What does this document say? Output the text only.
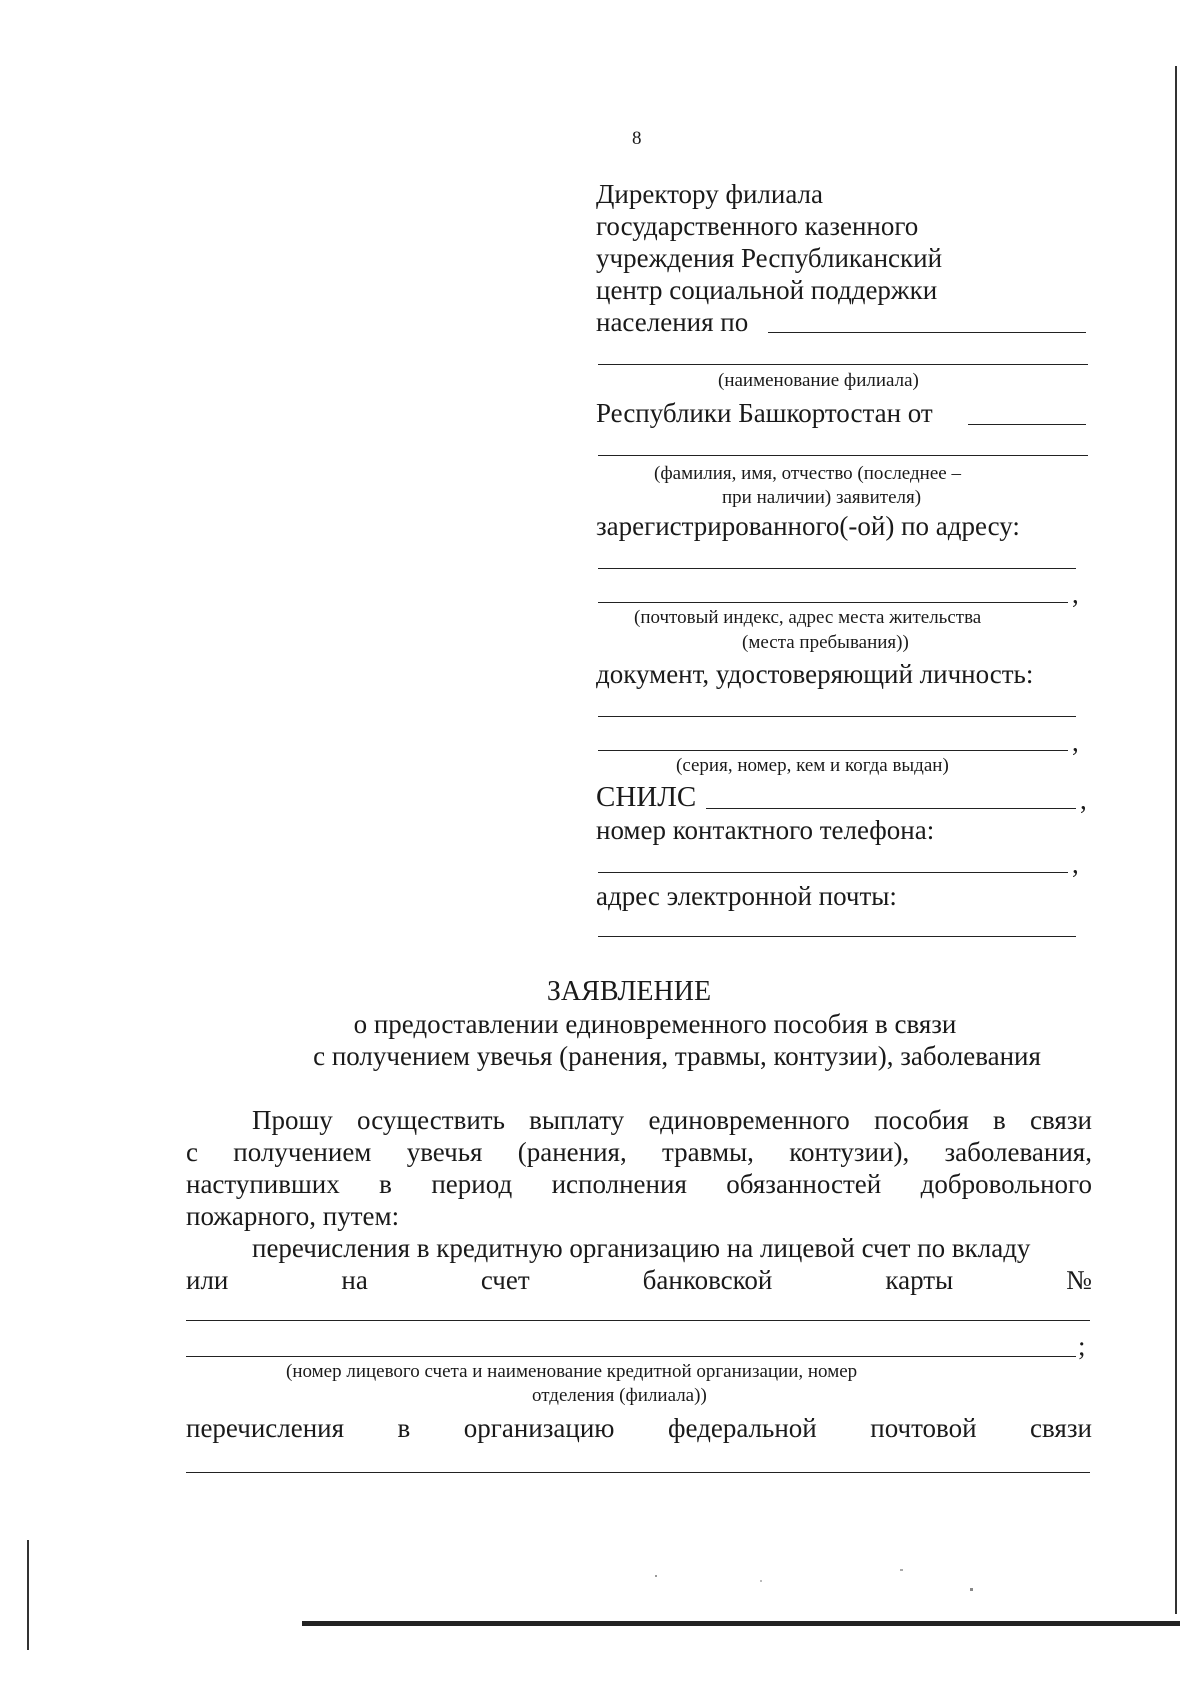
8
Директору филиала
государственного казенного
учреждения Республиканский
центр социальной поддержки
населения по
(наименование филиала)
Республики Башкортостан от
(фамилия, имя, отчество (последнее –
при наличии) заявителя)
зарегистрированного(-ой) по адресу:
,
(почтовый индекс, адрес места жительства
(места пребывания))
документ, удостоверяющий личность:
,
(серия, номер, кем и когда выдан)
СНИЛС	,
номер контактного телефона:
,
адрес электронной почты:
ЗАЯВЛЕНИЕ
о предоставлении единовременного пособия в связи
с получением увечья (ранения, травмы, контузии), заболевания
Прошу осуществить выплату единовременного пособия в связи
с получением увечья (ранения, травмы, контузии), заболевания,
наступивших в период исполнения обязанностей добровольного
пожарного, путем:
перечисления в кредитную организацию на лицевой счет по вкладу
или	на	счет	банковской	карты	№
;
(номер лицевого счета и наименование кредитной организации, номер
отделения (филиала))
перечисления в организацию федеральной почтовой связи
